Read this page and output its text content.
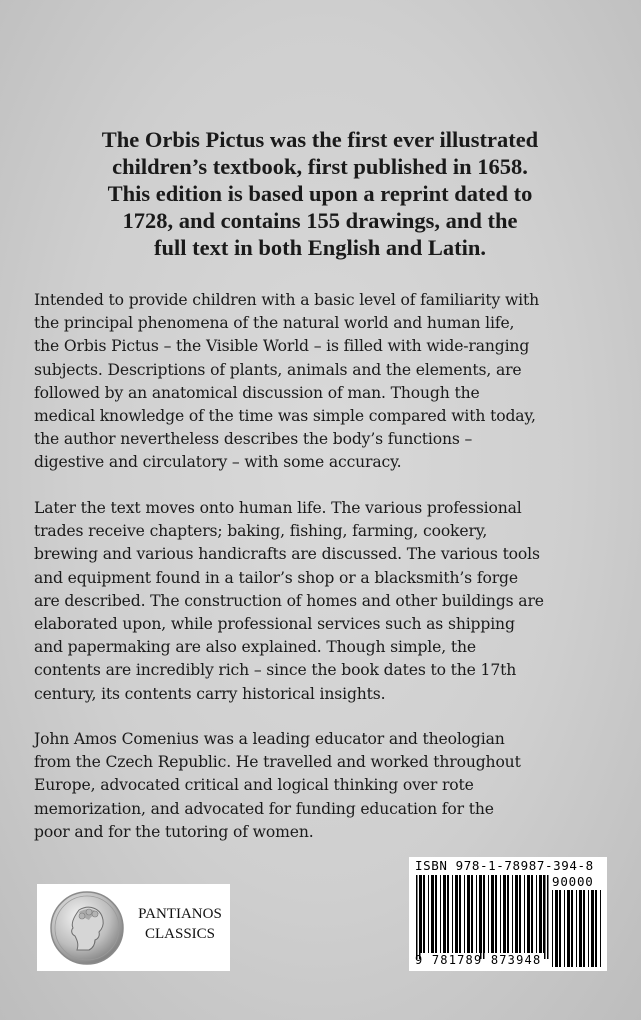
The Orbis Pictus was the first ever illustrated
children’s textbook, first published in 1658.
This edition is based upon a reprint dated to
1728, and contains 155 drawings, and the
full text in both English and Latin.

Intended to provide children with a basic level of familiarity with
the principal phenomena of the natural world and human life,
the Orbis Pictus – the Visible World – is filled with wide-ranging
subjects. Descriptions of plants, animals and the elements, are
followed by an anatomical discussion of man. Though the
medical knowledge of the time was simple compared with today,
the author nevertheless describes the body’s functions –
digestive and circulatory – with some accuracy.

Later the text moves onto human life. The various professional
trades receive chapters; baking, fishing, farming, cookery,
brewing and various handicrafts are discussed. The various tools
and equipment found in a tailor’s shop or a blacksmith’s forge
are described. The construction of homes and other buildings are
elaborated upon, while professional services such as shipping
and papermaking are also explained. Though simple, the
contents are incredibly rich – since the book dates to the 17th
century, its contents carry historical insights.

John Amos Comenius was a leading educator and theologian
from the Czech Republic. He travelled and worked throughout
Europe, advocated critical and logical thinking over rote
memorization, and advocated for funding education for the
poor and for the tutoring of women.

PANTIANOS
CLASSICS
ISBN 978-1-78987-394-8
90000
9 781789 873948
